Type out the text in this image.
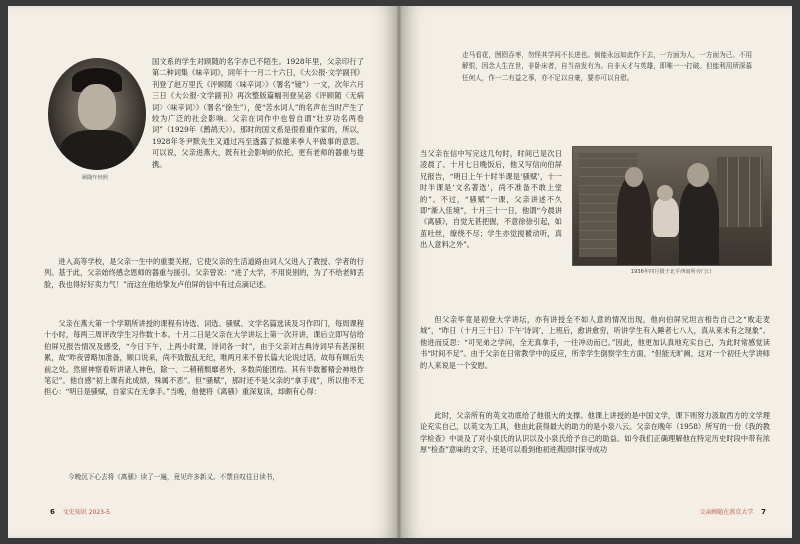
顾随年轻照
国文系的学生对顾随的名字亦已不陌生。1928年里，父亲印行了第二种词集《味辛词》，同年十一月二十六日，《大公报·文学副刊》刊登了赵万里氏《评顾随〈味辛词〉》（署名“镜”）一文，次年六月三日《大公报·文学副刊》再次整版篇幅刊登吴宓《评顾随〈无病词〉〈味辛词〉》（署名“徐生”），使“苦水词人”的名声在当时产生了较为广泛的社会影响。父亲在词作中也曾自谓“壮岁功名两卷词”（1929年《鹧鸪天》）。那时的国文系是很看重作家的，所以，1928年冬尹默先生又通过冯至透露了拟邀来季人平做事的意思。可以说，父亲进燕大，既有社会影响的依托，更有老师的器重与提携。
进入高等学校，是父亲一生中的重要关枢，它使父亲的生活道路由词人父进入了教授、学者的行列。基于此，父亲始终感念恩师的器重与援引。父亲曾说：“进了大学，不用说别的，为了不给老师丢脸，我也得好好卖力气！”而这在他给挚友卢伯屏的信中有过点滴记述。
父亲在燕大第一个学期所讲授的课程有诗选、词选、骚赋、文学名篇选读及习作四门，每周课程十小时，每两三周评改学生习作数十本。十月二日是父亲在大学讲坛上第一次开讲，课后立即写信给伯屏兄报告情况及感受，“今日下午，上两小时课，诗词各一时”，由于父亲对古典诗词早有甚深积累，故“昨夜曾略加准备，顺口说来，尚不致散乱无纪，唯两月来不曾长篇大论说过话，故每有顾后失前之处。然留神察看听讲诸人神色，除一、二稍稍颓靡者外，多数尚能团结。其有半数蓄精会神地作笔记”。他自感“初上课有此成绩，殊属不恶”。但“骚赋”，那时还不是父亲的“拿手戏”，所以他不无担心：“明日是骚赋，自家实在无拿手。”当晚，他便将《离骚》重深复读，却颇有心得：
今晚沉下心去将《离骚》读了一遍，竟见许多新义。不禁自叹往日读书，
6 文史知识 2023-5
走马看花，囫囵吞枣，勿怪其学问不长进也。倘能永远如此作下去，一方面为人，一方面为己。不用解恨，因念人生在世，非卧床者，自当奋发有为。自非天才与英雄，即唯一一打破。但能利用所深慕任何人，作一二有益之事，亦不足以自豪，要亦可以自慰。
当父亲在信中写完这几句时，时间已是次日凌晨了。十月七日晚饭后，他又写信向伯屏兄报告，“明日上午十时半课是‘骚赋’，十一时半课是‘文名著选’，尚不准备不敢上堂的”。不过，“骚赋”一课，父亲讲述不久即“渐入佳境”，十月三十一日，他谓“今晨讲《离骚》，自觉无甚把握，不意徐徐引起，如茧吐丝，缭绕不尽；学生亦觉搅褫动听，真出人意料之外”。
1936年四月摄于北平西寓所旁门口
但父亲毕竟是初登大学讲坛，亦有讲授全不如人意的情况出现，他向伯屏兄坦言相告自己之“败走麦城”，“昨日（十月三十日）下午‘诗词’，上班后，愈讲愈穷，听讲学生有入睡者七八人，真从来未有之现象”。他进而反思：“可见弟之学问，全无真拿手，一往冲动而已。”因此，他更加认真地充实自己，为此时常感觉读书“时间不足”。由于父亲在日常教学中的反应，所幸学生倒察学生方面，“但能无旷阙，这对一个初任大学讲师的人来说是一个安慰。
此时，父亲所有的英文功底给了他很大的支撑。他课上讲授的是中国文学，课下则努力汲取西方的文学理论充实自己，以英文为工具，他由此获得最大的助力的是小泉八云。父亲在晚年（1958）所写的一份《我的教学检查》中谈及了对小泉氏的认识以及小泉氏给予自己的助益。如今我们正确理解他在特定历史时段中带有浓厚“检查”意味的文字，还是可以看到他初进燕园时探寻成功
父亲顾随在燕京大学 7
